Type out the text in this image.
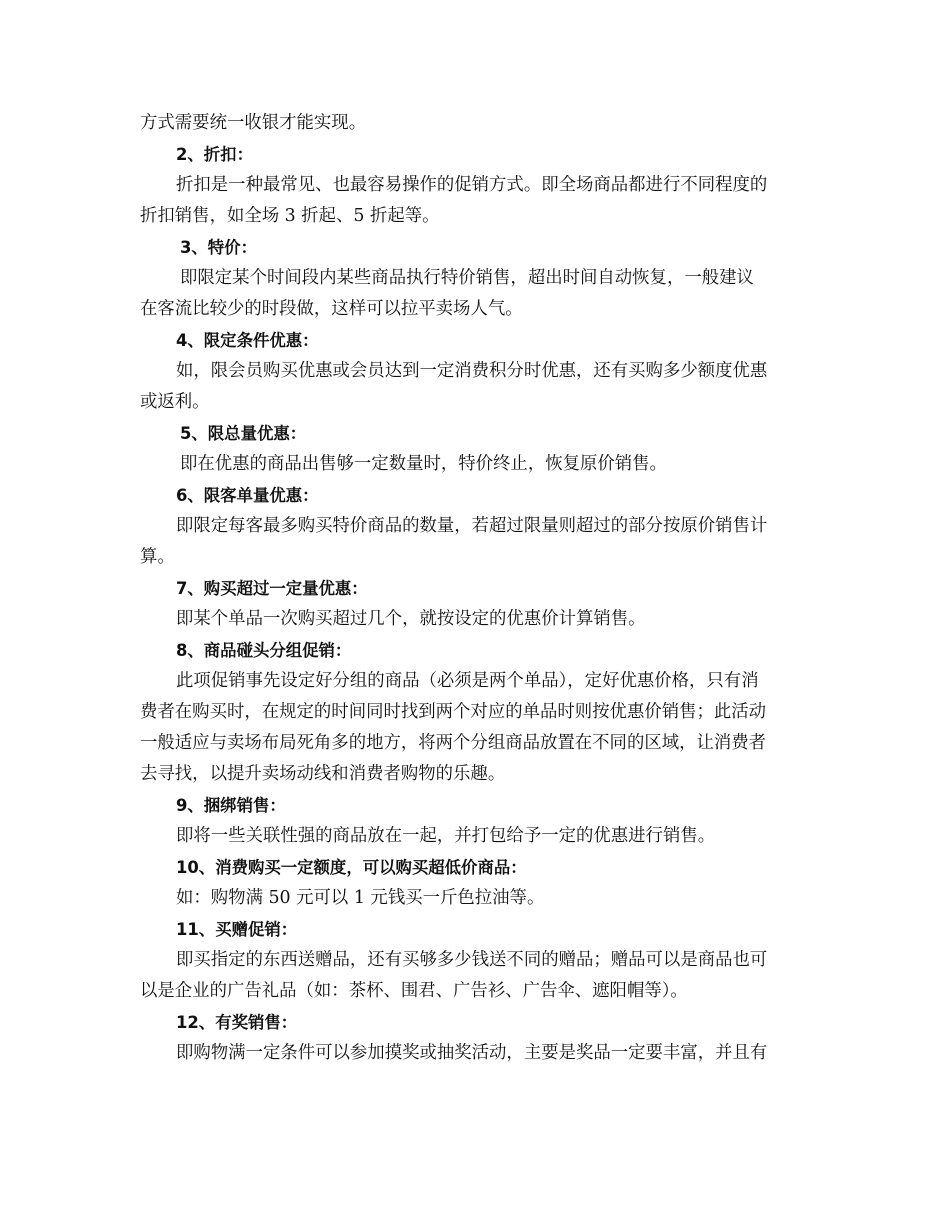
方式需要统一收银才能实现。

2、折扣：

折扣是一种最常见、也最容易操作的促销方式。即全场商品都进行不同程度的

折扣销售，如全场 3 折起、5 折起等。

3、特价：

即限定某个时间段内某些商品执行特价销售，超出时间自动恢复，一般建议

在客流比较少的时段做，这样可以拉平卖场人气。

4、限定条件优惠：

如，限会员购买优惠或会员达到一定消费积分时优惠，还有买购多少额度优惠

或返利。

5、限总量优惠：

即在优惠的商品出售够一定数量时，特价终止，恢复原价销售。

6、限客单量优惠：

即限定每客最多购买特价商品的数量，若超过限量则超过的部分按原价销售计

算。

7、购买超过一定量优惠：

即某个单品一次购买超过几个，就按设定的优惠价计算销售。

8、商品碰头分组促销：

此项促销事先设定好分组的商品（必须是两个单品），定好优惠价格，只有消

费者在购买时，在规定的时间同时找到两个对应的单品时则按优惠价销售；此活动

一般适应与卖场布局死角多的地方，将两个分组商品放置在不同的区域，让消费者

去寻找，以提升卖场动线和消费者购物的乐趣。

9、捆绑销售：

即将一些关联性强的商品放在一起，并打包给予一定的优惠进行销售。

10、消费购买一定额度，可以购买超低价商品：

如：购物满 50 元可以 1 元钱买一斤色拉油等。

11、买赠促销：

即买指定的东西送赠品，还有买够多少钱送不同的赠品；赠品可以是商品也可

以是企业的广告礼品（如：茶杯、围君、广告衫、广告伞、遮阳帽等）。

12、有奖销售：

即购物满一定条件可以参加摸奖或抽奖活动，主要是奖品一定要丰富，并且有
